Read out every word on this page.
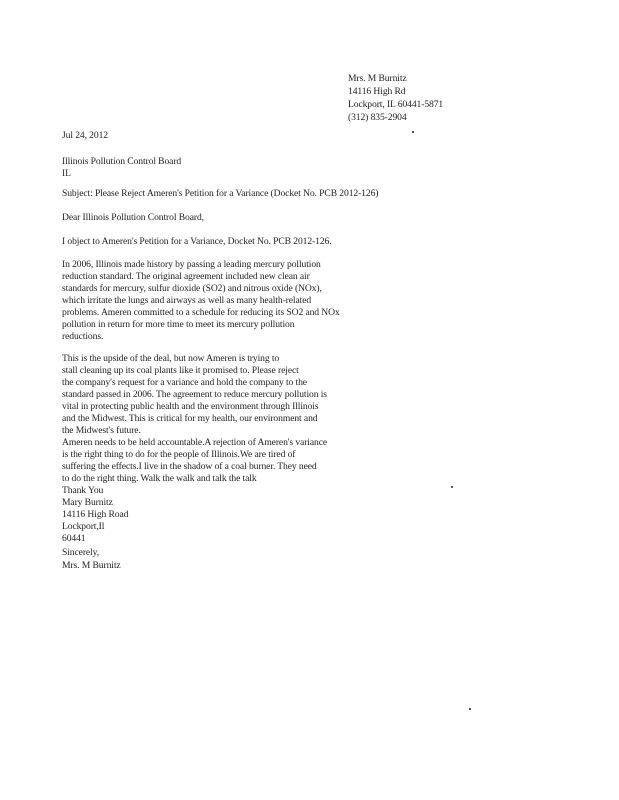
Mrs. M Burnitz
14116 High Rd
Lockport, IL 60441-5871
(312) 835-2904
Jul 24, 2012
Illinois Pollution Control Board
IL
Subject: Please Reject Ameren's Petition for a Variance (Docket No. PCB 2012-126)
Dear Illinois Pollution Control Board,
I object to Ameren's Petition for a Variance, Docket No. PCB 2012-126.
In 2006, Illinois made history by passing a leading mercury pollution
reduction standard. The original agreement included new clean air
standards for mercury, sulfur dioxide (SO2) and nitrous oxide (NOx),
which irritate the lungs and airways as well as many health-related
problems. Ameren committed to a schedule for reducing its SO2 and NOx
pollution in return for more time to meet its mercury pollution
reductions.
This is the upside of the deal, but now Ameren is trying to
stall cleaning up its coal plants like it promised to. Please reject
the company's request for a variance and hold the company to the
standard passed in 2006. The agreement to reduce mercury pollution is
vital in protecting public health and the environment through Illinois
and the Midwest. This is critical for my health, our environment and
the Midwest's future.
Ameren needs to be held accountable.A rejection of Ameren's variance
is the right thing to do for the people of Illinois.We are tired of
suffering the effects.I live in the shadow of a coal burner. They need
to do the right thing. Walk the walk and talk the talk
Thank You
Mary Burnitz
14116 High Road
Lockport,Il
60441
Sincerely,
Mrs. M Burnitz
